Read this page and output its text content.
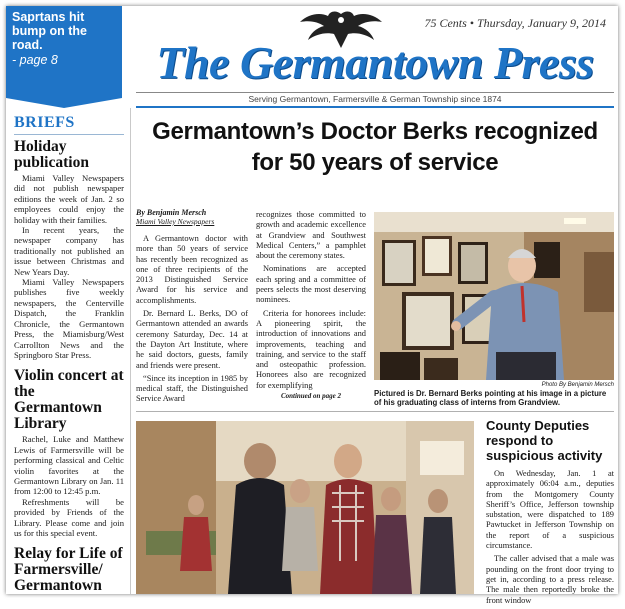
Saprtans hit bump on the road.
- page 8
BRIEFS
Holiday publication

Miami Valley Newspapers did not publish newspaper editions the week of Jan. 2 so employees could enjoy the holiday with their families.

In recent years, the newspaper company has traditionally not published an issue between Christmas and New Years Day.

Miami Valley Newspapers publishes five weekly newspapers, the Centerville Dispatch, the Franklin Chronicle, the Germantown Press, the Miamisburg/West Carrollton News and the Springboro Star Press.

Violin concert at the Germantown Library

Rachel, Luke and Matthew Lewis of Farmersville will be performing classical and Celtic violin favorites at the Germantown Library on Jan. 11 from 12:00 to 12:45 p.m.

Refreshments will be provided by Friends of the Library. Please come and join us for this special event.

Relay for Life of Farmersville/ Germantown
75 Cents • Thursday, January 9, 2014
The Germantown Press
Serving Germantown, Farmersville & German Township since 1874
Germantown’s Doctor Berks recognized for 50 years of service
By Benjamin Mersch
Miami Valley Newspapers

A Germantown doctor with more than 50 years of service has recently been recognized as one of three recipients of the 2013 Distinguished Service Award for his service and accomplishments.

Dr. Bernard L. Berks, DO of Germantown attended an awards ceremony Saturday, Dec. 14 at the Dayton Art Institute, where he said doctors, guests, family and friends were present.

“Since its inception in 1985 by medical staff, the Distinguished Service Award

recognizes those committed to growth and academic excellence at Grandview and Southwest Medical Centers,” a pamphlet about the ceremony states.

Nominations are accepted each spring and a committee of peers selects the most deserving nominees.

Criteria for honorees include: A pioneering spirit, the introduction of innovations and improvements, teaching and training, and service to the staff and osteopathic profession. Honorees also are recognized for exemplifying

Continued on page 2
Photo By Benjamin Mersch
Pictured is Dr. Bernard Berks pointing at his image in a picture of his graduating class of interns from Grandview.
County Deputies respond to suspicious activity

On Wednesday, Jan. 1 at approximately 06:04 a.m., deputies from the Montgomery County Sheriff’s Office, Jefferson township substation, were dispatched to 189 Pawtucket in Jefferson Township on the report of a suspicious circumstance.

The caller advised that a male was pounding on the front door trying to get in, according to a press release. The male then reportedly broke the front window
